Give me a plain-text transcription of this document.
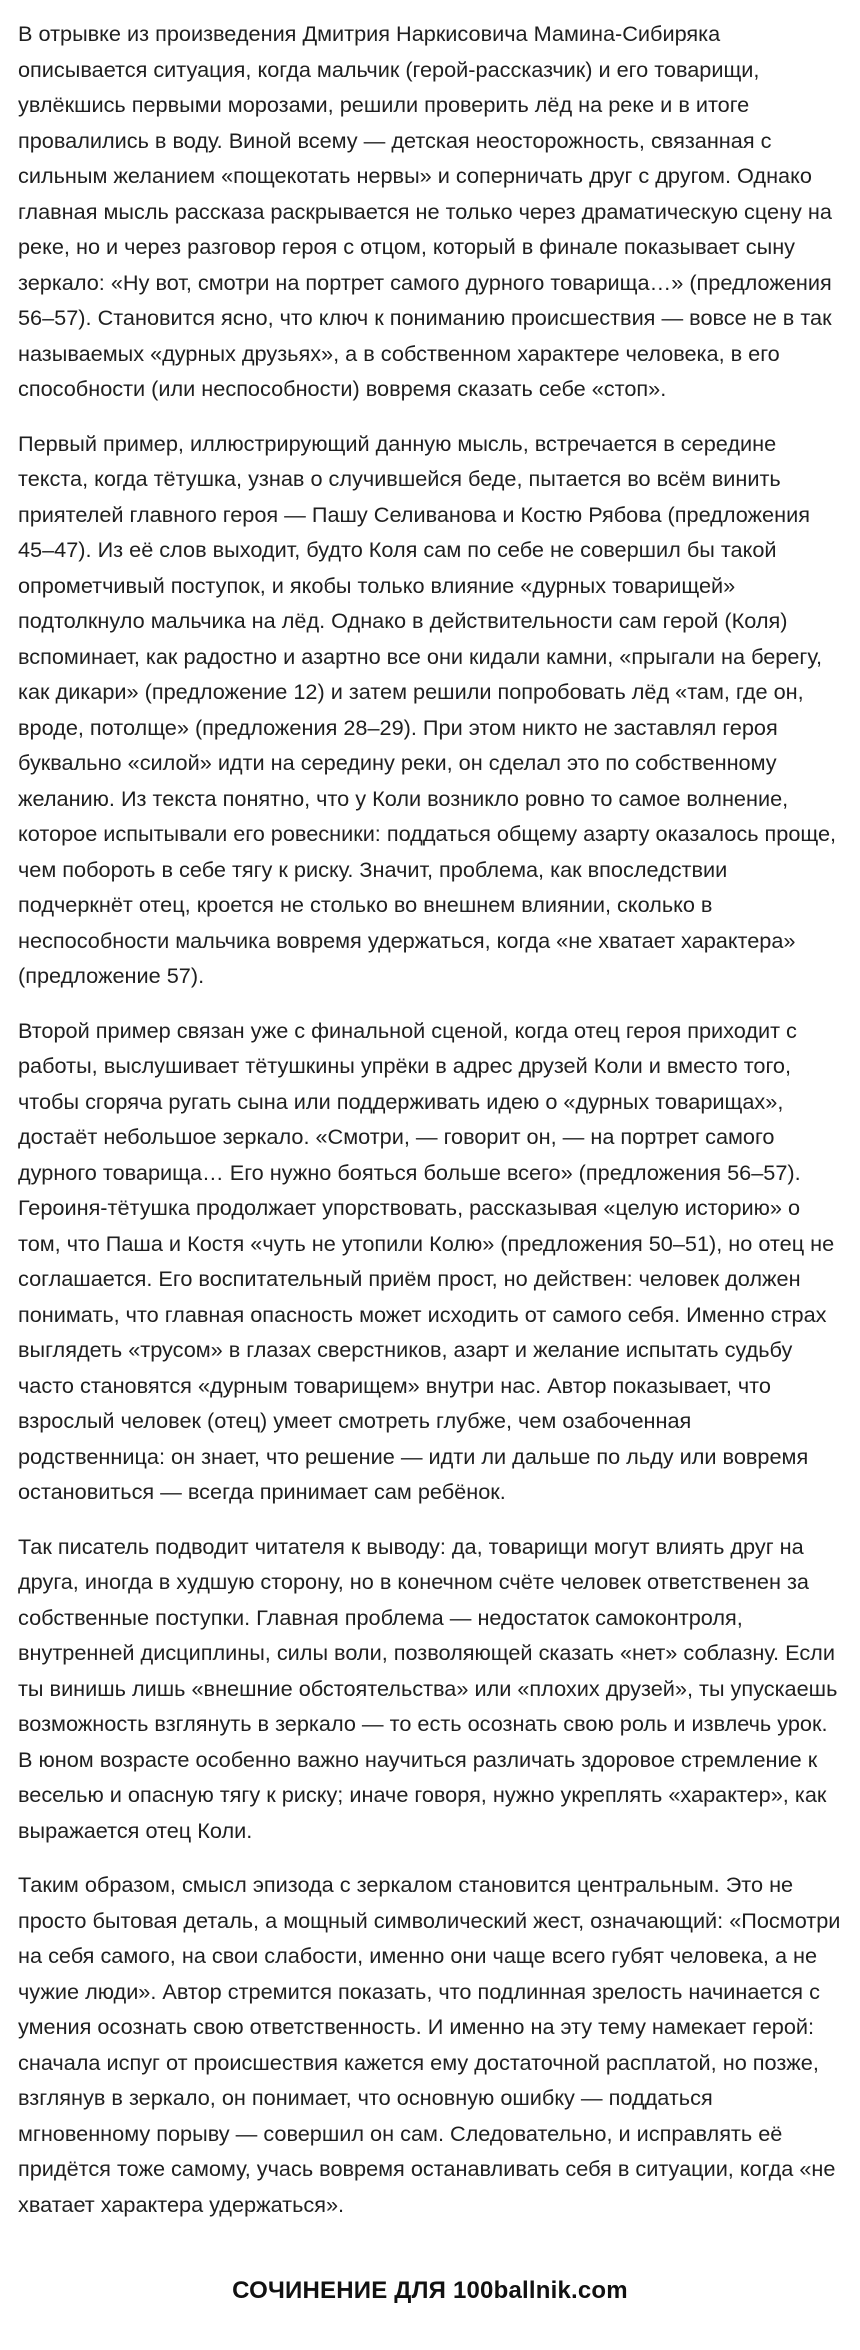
В отрывке из произведения Дмитрия Наркисовича Мамина-Сибиряка описывается ситуация, когда мальчик (герой-рассказчик) и его товарищи, увлёкшись первыми морозами, решили проверить лёд на реке и в итоге провалились в воду. Виной всему — детская неосторожность, связанная с сильным желанием «пощекотать нервы» и соперничать друг с другом. Однако главная мысль рассказа раскрывается не только через драматическую сцену на реке, но и через разговор героя с отцом, который в финале показывает сыну зеркало: «Ну вот, смотри на портрет самого дурного товарища…» (предложения 56–57). Становится ясно, что ключ к пониманию происшествия — вовсе не в так называемых «дурных друзьях», а в собственном характере человека, в его способности (или неспособности) вовремя сказать себе «стоп».

Первый пример, иллюстрирующий данную мысль, встречается в середине текста, когда тётушка, узнав о случившейся беде, пытается во всём винить приятелей главного героя — Пашу Селиванова и Костю Рябова (предложения 45–47). Из её слов выходит, будто Коля сам по себе не совершил бы такой опрометчивый поступок, и якобы только влияние «дурных товарищей» подтолкнуло мальчика на лёд. Однако в действительности сам герой (Коля) вспоминает, как радостно и азартно все они кидали камни, «прыгали на берегу, как дикари» (предложение 12) и затем решили попробовать лёд «там, где он, вроде, потолще» (предложения 28–29). При этом никто не заставлял героя буквально «силой» идти на середину реки, он сделал это по собственному желанию. Из текста понятно, что у Коли возникло ровно то самое волнение, которое испытывали его ровесники: поддаться общему азарту оказалось проще, чем побороть в себе тягу к риску. Значит, проблема, как впоследствии подчеркнёт отец, кроется не столько во внешнем влиянии, сколько в неспособности мальчика вовремя удержаться, когда «не хватает характера» (предложение 57).

Второй пример связан уже с финальной сценой, когда отец героя приходит с работы, выслушивает тётушкины упрёки в адрес друзей Коли и вместо того, чтобы сгоряча ругать сына или поддерживать идею о «дурных товарищах», достаёт небольшое зеркало. «Смотри, — говорит он, — на портрет самого дурного товарища… Его нужно бояться больше всего» (предложения 56–57). Героиня-тётушка продолжает упорствовать, рассказывая «целую историю» о том, что Паша и Костя «чуть не утопили Колю» (предложения 50–51), но отец не соглашается. Его воспитательный приём прост, но действен: человек должен понимать, что главная опасность может исходить от самого себя. Именно страх выглядеть «трусом» в глазах сверстников, азарт и желание испытать судьбу часто становятся «дурным товарищем» внутри нас. Автор показывает, что взрослый человек (отец) умеет смотреть глубже, чем озабоченная родственница: он знает, что решение — идти ли дальше по льду или вовремя остановиться — всегда принимает сам ребёнок.

Так писатель подводит читателя к выводу: да, товарищи могут влиять друг на друга, иногда в худшую сторону, но в конечном счёте человек ответственен за собственные поступки. Главная проблема — недостаток самоконтроля, внутренней дисциплины, силы воли, позволяющей сказать «нет» соблазну. Если ты винишь лишь «внешние обстоятельства» или «плохих друзей», ты упускаешь возможность взглянуть в зеркало — то есть осознать свою роль и извлечь урок. В юном возрасте особенно важно научиться различать здоровое стремление к веселью и опасную тягу к риску; иначе говоря, нужно укреплять «характер», как выражается отец Коли.

Таким образом, смысл эпизода с зеркалом становится центральным. Это не просто бытовая деталь, а мощный символический жест, означающий: «Посмотри на себя самого, на свои слабости, именно они чаще всего губят человека, а не чужие люди». Автор стремится показать, что подлинная зрелость начинается с умения осознать свою ответственность. И именно на эту тему намекает герой: сначала испуг от происшествия кажется ему достаточной расплатой, но позже, взглянув в зеркало, он понимает, что основную ошибку — поддаться мгновенному порыву — совершил он сам. Следовательно, и исправлять её придётся тоже самому, учась вовремя останавливать себя в ситуации, когда «не хватает характера удержаться».

СОЧИНЕНИЕ ДЛЯ 100ballnik.com
